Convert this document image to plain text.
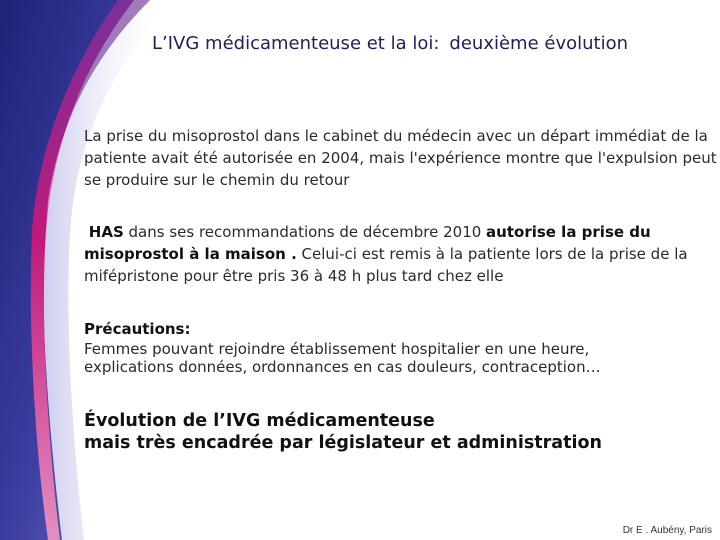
L’IVG médicamenteuse et la loi: deuxième évolution

La prise du misoprostol dans le cabinet du médecin avec un départ immédiat de la patiente avait été autorisée en 2004, mais l'expérience montre que l'expulsion peut se produire sur le chemin du retour

HAS dans ses recommandations de décembre 2010 autorise la prise du misoprostol à la maison . Celui-ci est remis à la patiente lors de la prise de la mifépristone pour être pris 36 à 48 h plus tard chez elle

Précautions:

Femmes pouvant rejoindre établissement hospitalier en une heure,

explications données, ordonnances en cas douleurs, contraception…

Évolution de l’IVG médicamenteuse

mais très encadrée par législateur et administration

Dr E . Aubény, Paris
